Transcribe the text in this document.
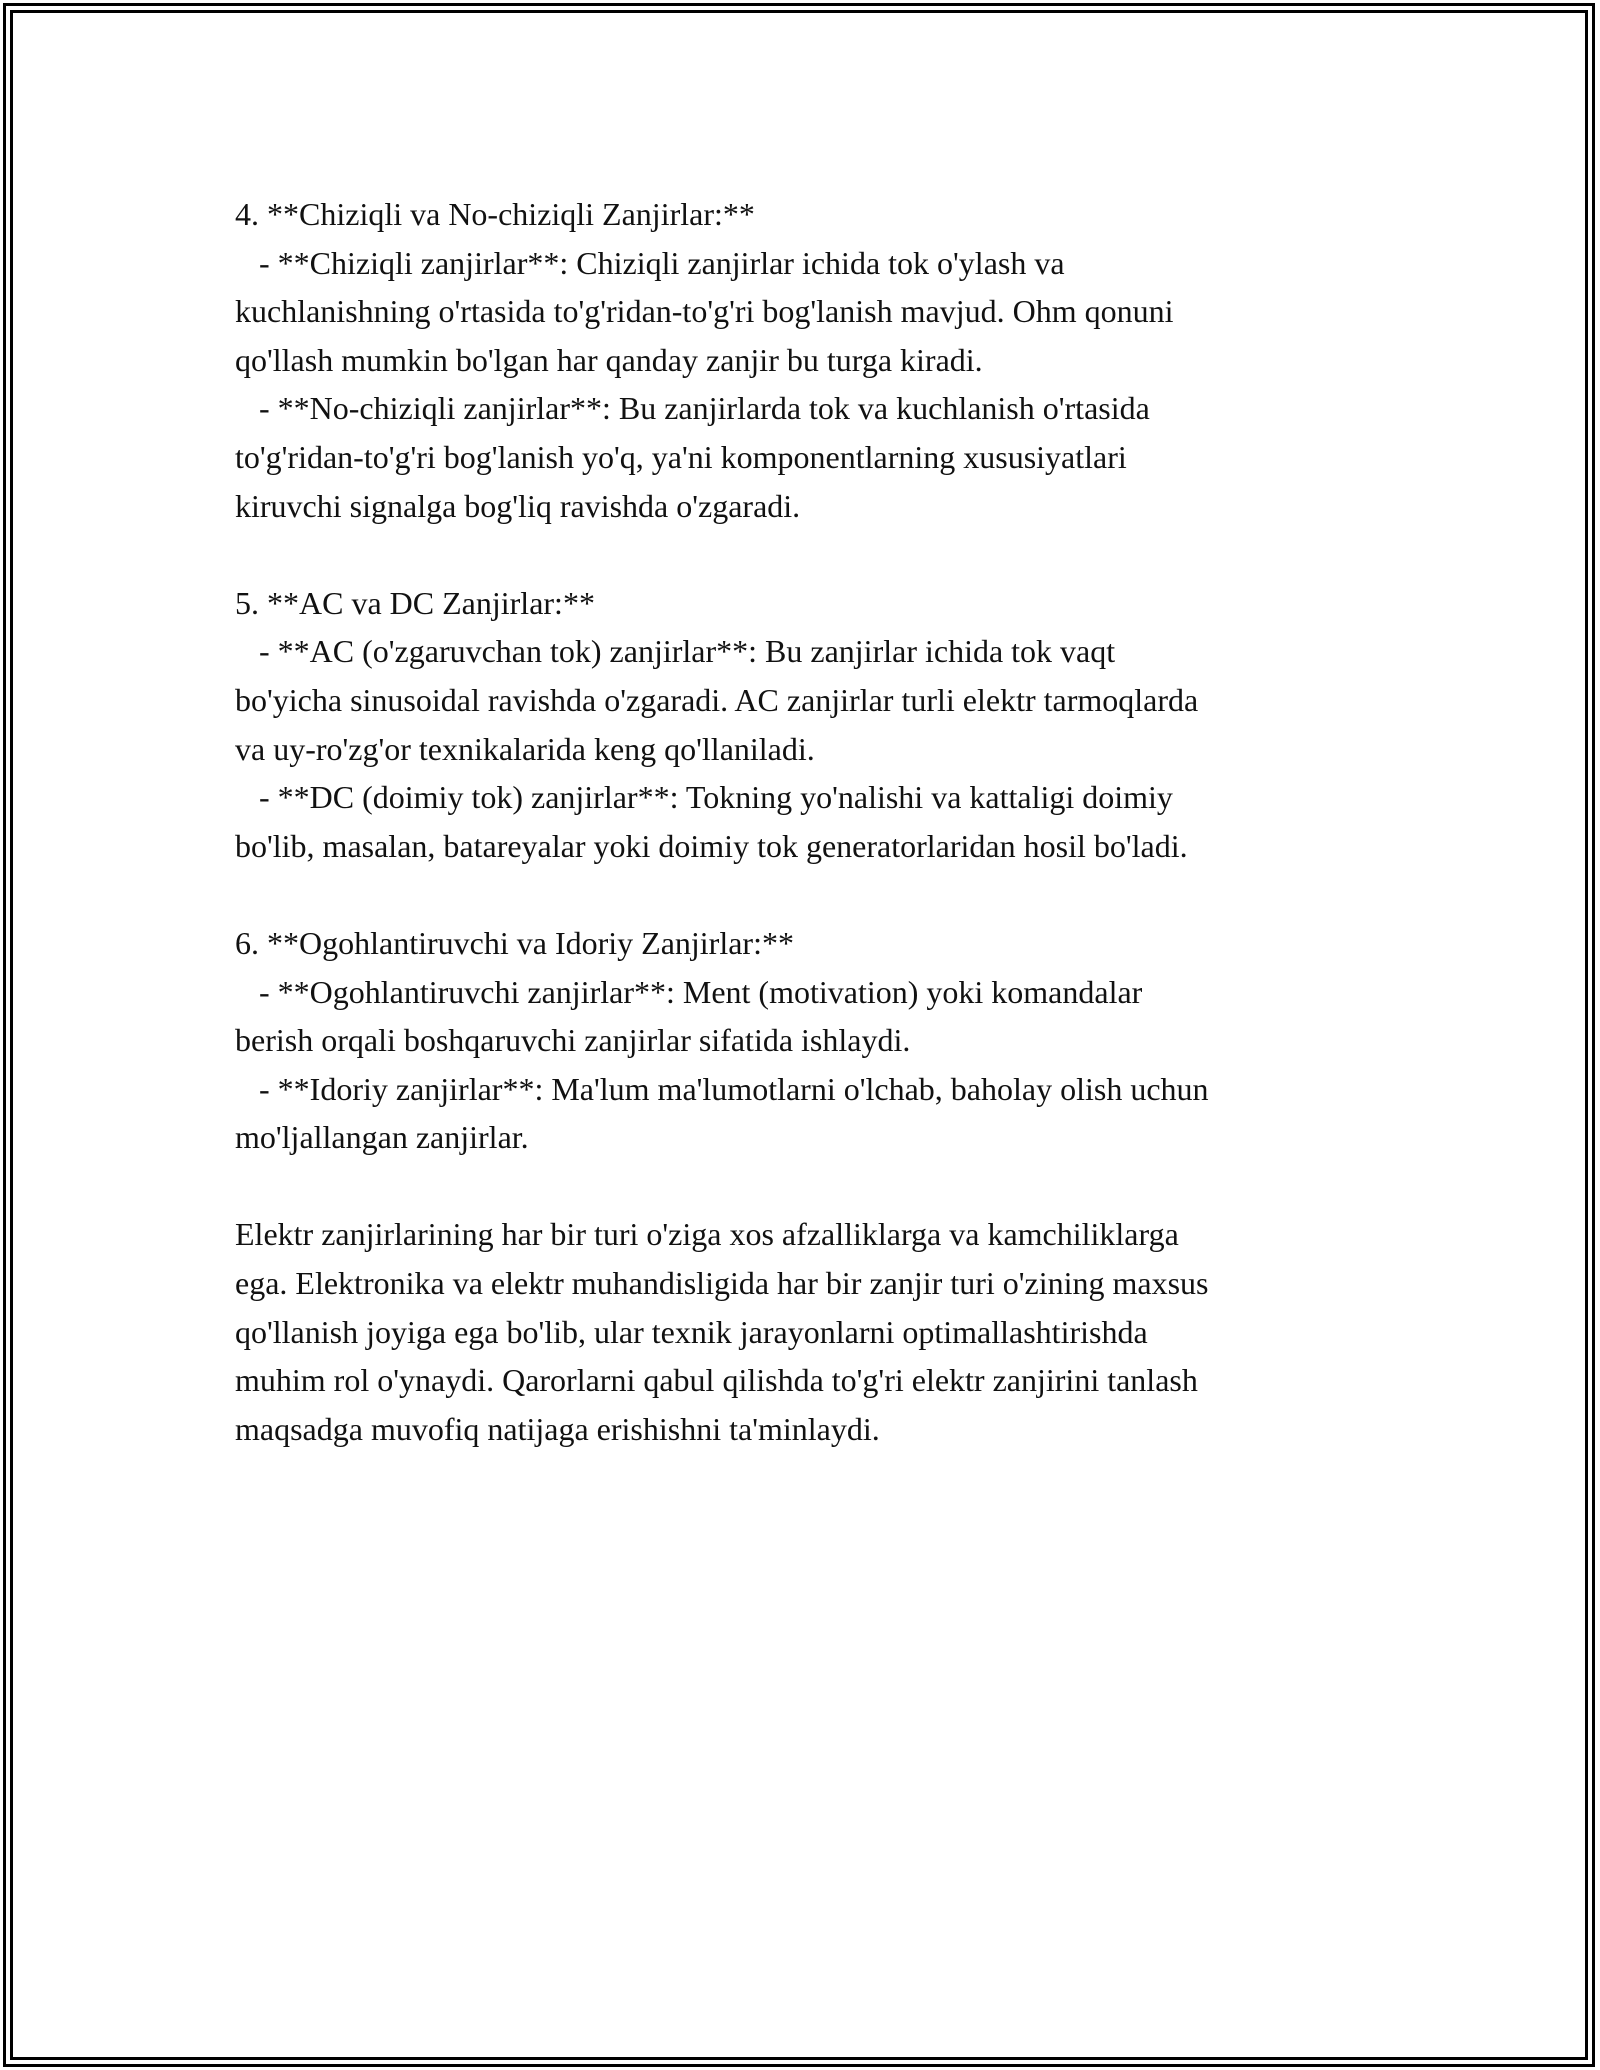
4. **Chiziqli va No-chiziqli Zanjirlar:**
- **Chiziqli zanjirlar**: Chiziqli zanjirlar ichida tok o'ylash va
kuchlanishning o'rtasida to'g'ridan-to'g'ri bog'lanish mavjud. Ohm qonuni
qo'llash mumkin bo'lgan har qanday zanjir bu turga kiradi.
- **No-chiziqli zanjirlar**: Bu zanjirlarda tok va kuchlanish o'rtasida
to'g'ridan-to'g'ri bog'lanish yo'q, ya'ni komponentlarning xususiyatlari
kiruvchi signalga bog'liq ravishda o'zgaradi.
5. **AC va DC Zanjirlar:**
- **AC (o'zgaruvchan tok) zanjirlar**: Bu zanjirlar ichida tok vaqt
bo'yicha sinusoidal ravishda o'zgaradi. AC zanjirlar turli elektr tarmoqlarda
va uy-ro'zg'or texnikalarida keng qo'llaniladi.
- **DC (doimiy tok) zanjirlar**: Tokning yo'nalishi va kattaligi doimiy
bo'lib, masalan, batareyalar yoki doimiy tok generatorlaridan hosil bo'ladi.
6. **Ogohlantiruvchi va Idoriy Zanjirlar:**
- **Ogohlantiruvchi zanjirlar**: Ment (motivation) yoki komandalar
berish orqali boshqaruvchi zanjirlar sifatida ishlaydi.
- **Idoriy zanjirlar**: Ma'lum ma'lumotlarni o'lchab, baholay olish uchun
mo'ljallangan zanjirlar.
Elektr zanjirlarining har bir turi o'ziga xos afzalliklarga va kamchiliklarga
ega. Elektronika va elektr muhandisligida har bir zanjir turi o'zining maxsus
qo'llanish joyiga ega bo'lib, ular texnik jarayonlarni optimallashtirishda
muhim rol o'ynaydi. Qarorlarni qabul qilishda to'g'ri elektr zanjirini tanlash
maqsadga muvofiq natijaga erishishni ta'minlaydi.
